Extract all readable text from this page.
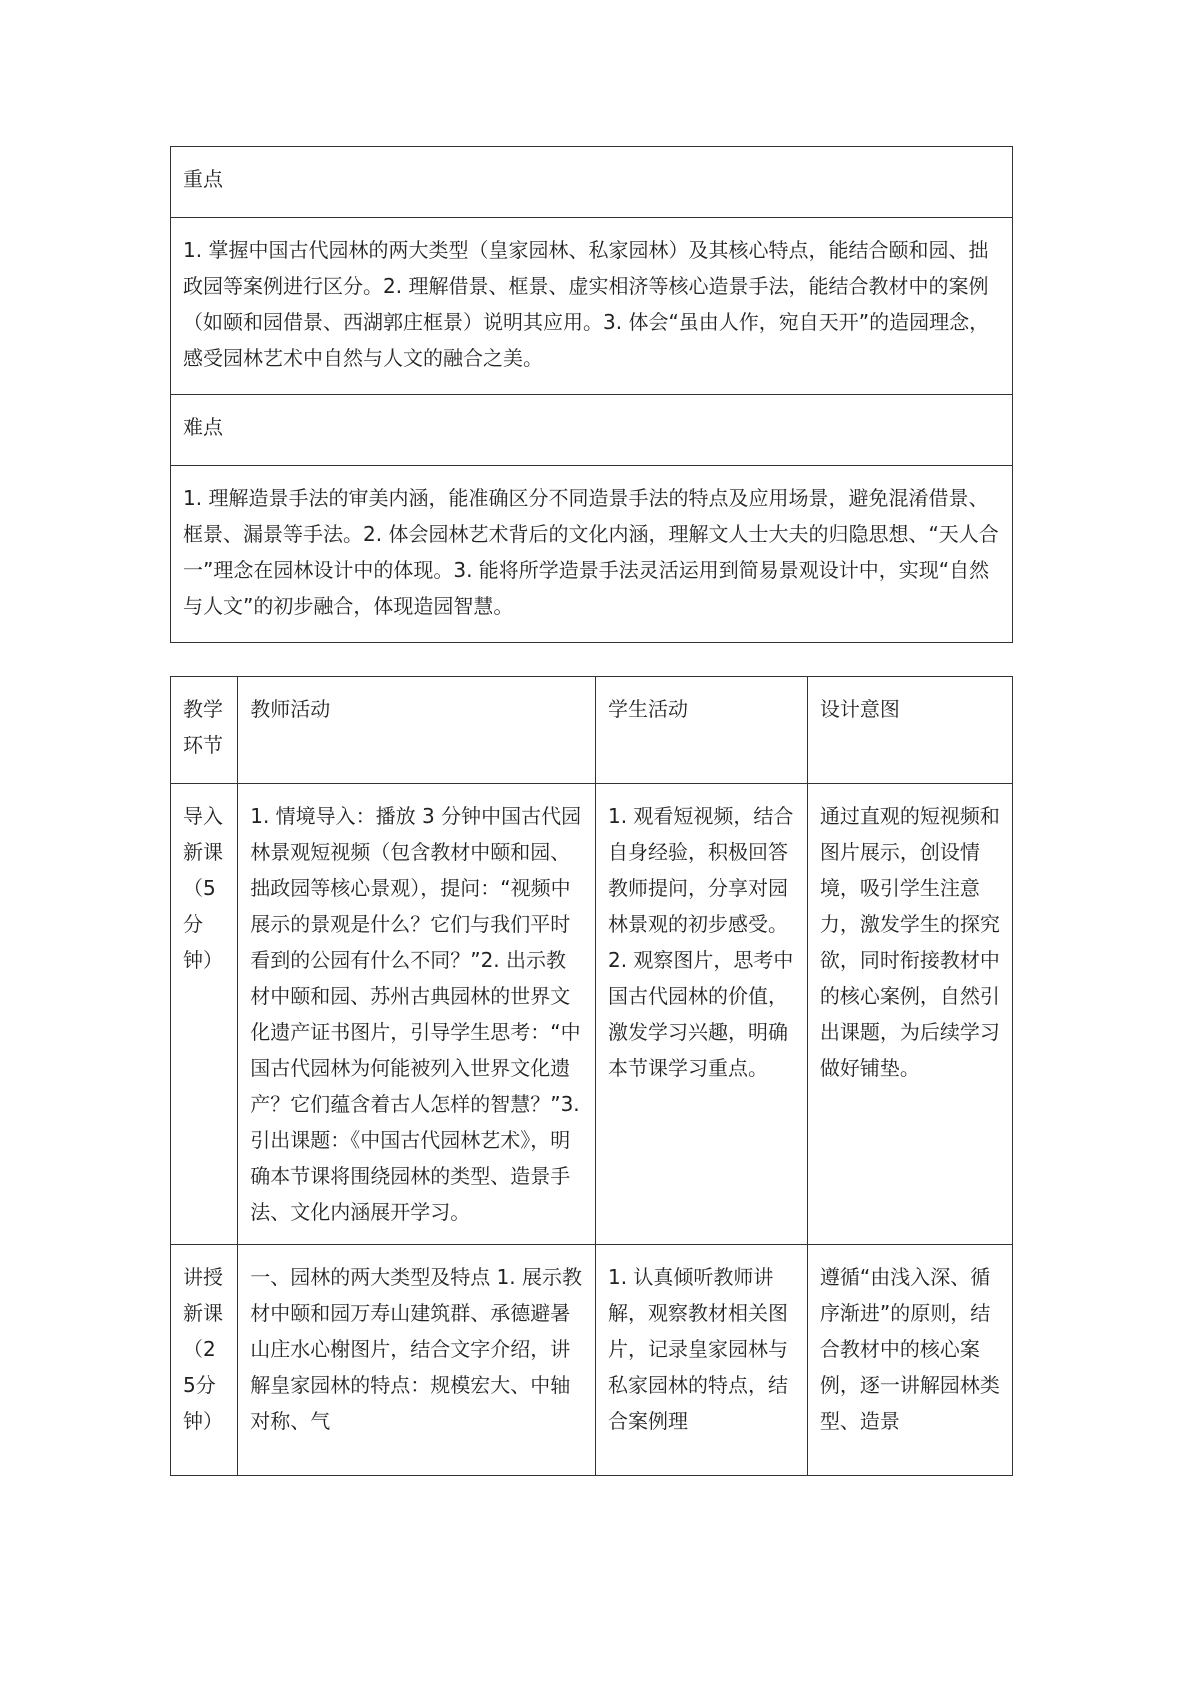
重点
1. 掌握中国古代园林的两大类型（皇家园林、私家园林）及其核心特点，能结合颐和园、拙政园等案例进行区分。2. 理解借景、框景、虚实相济等核心造景手法，能结合教材中的案例（如颐和园借景、西湖郭庄框景）说明其应用。3. 体会“虽由人作，宛自天开”的造园理念，感受园林艺术中自然与人文的融合之美。
难点
1. 理解造景手法的审美内涵，能准确区分不同造景手法的特点及应用场景，避免混淆借景、框景、漏景等手法。2. 体会园林艺术背后的文化内涵，理解文人士大夫的归隐思想、“天人合一”理念在园林设计中的体现。3. 能将所学造景手法灵活运用到简易景观设计中，实现“自然与人文”的初步融合，体现造园智慧。
教学环节	教师活动	学生活动	设计意图
导入新课（5分钟）	1. 情境导入：播放 3 分钟中国古代园林景观短视频（包含教材中颐和园、拙政园等核心景观），提问：“视频中展示的景观是什么？它们与我们平时看到的公园有什么不同？”2. 出示教材中颐和园、苏州古典园林的世界文化遗产证书图片，引导学生思考：“中国古代园林为何能被列入世界文化遗产？它们蕴含着古人怎样的智慧？”3. 引出课题：《中国古代园林艺术》，明确本节课将围绕园林的类型、造景手法、文化内涵展开学习。	1. 观看短视频，结合自身经验，积极回答教师提问，分享对园林景观的初步感受。2. 观察图片，思考中国古代园林的价值，激发学习兴趣，明确本节课学习重点。	通过直观的短视频和图片展示，创设情境，吸引学生注意力，激发学生的探究欲，同时衔接教材中的核心案例，自然引出课题，为后续学习做好铺垫。

讲授新课（25分钟）	一、园林的两大类型及特点 1. 展示教材中颐和园万寿山建筑群、承德避暑山庄水心榭图片，结合文字介绍，讲解皇家园林的特点：规模宏大、中轴对称、气	1. 认真倾听教师讲解，观察教材相关图片，记录皇家园林与私家园林的特点，结合案例理	遵循“由浅入深、循序渐进”的原则，结合教材中的核心案例，逐一讲解园林类型、造景
